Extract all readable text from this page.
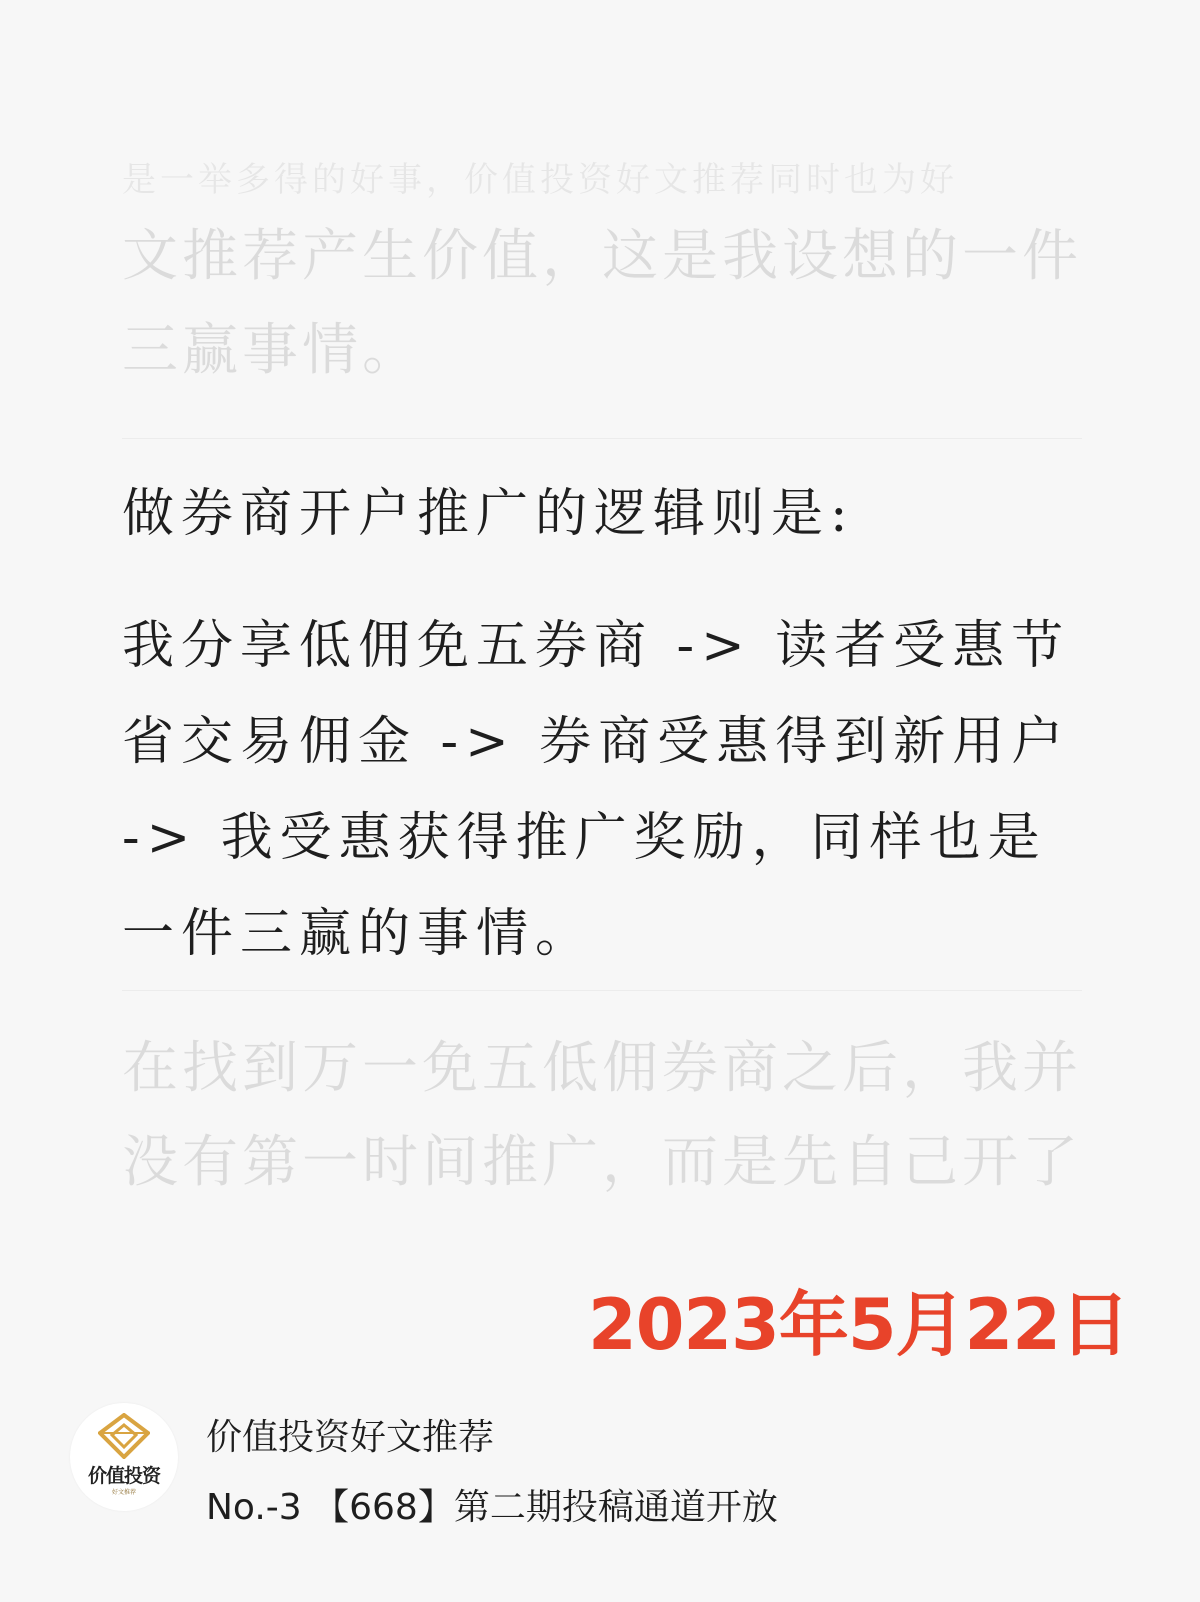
是一举多得的好事，价值投资好文推荐同时也为好
文推荐产生价值，这是我设想的一件
三赢事情。
做券商开户推广的逻辑则是:
我分享低佣免五券商 -> 读者受惠节
省交易佣金 -> 券商受惠得到新用户
-> 我受惠获得推广奖励，同样也是
一件三赢的事情。
在找到万一免五低佣券商之后，我并
没有第一时间推广，而是先自己开了
2023年5月22日
价值投资
好文推荐
价值投资好文推荐
No.-3 【668】第二期投稿通道开放
